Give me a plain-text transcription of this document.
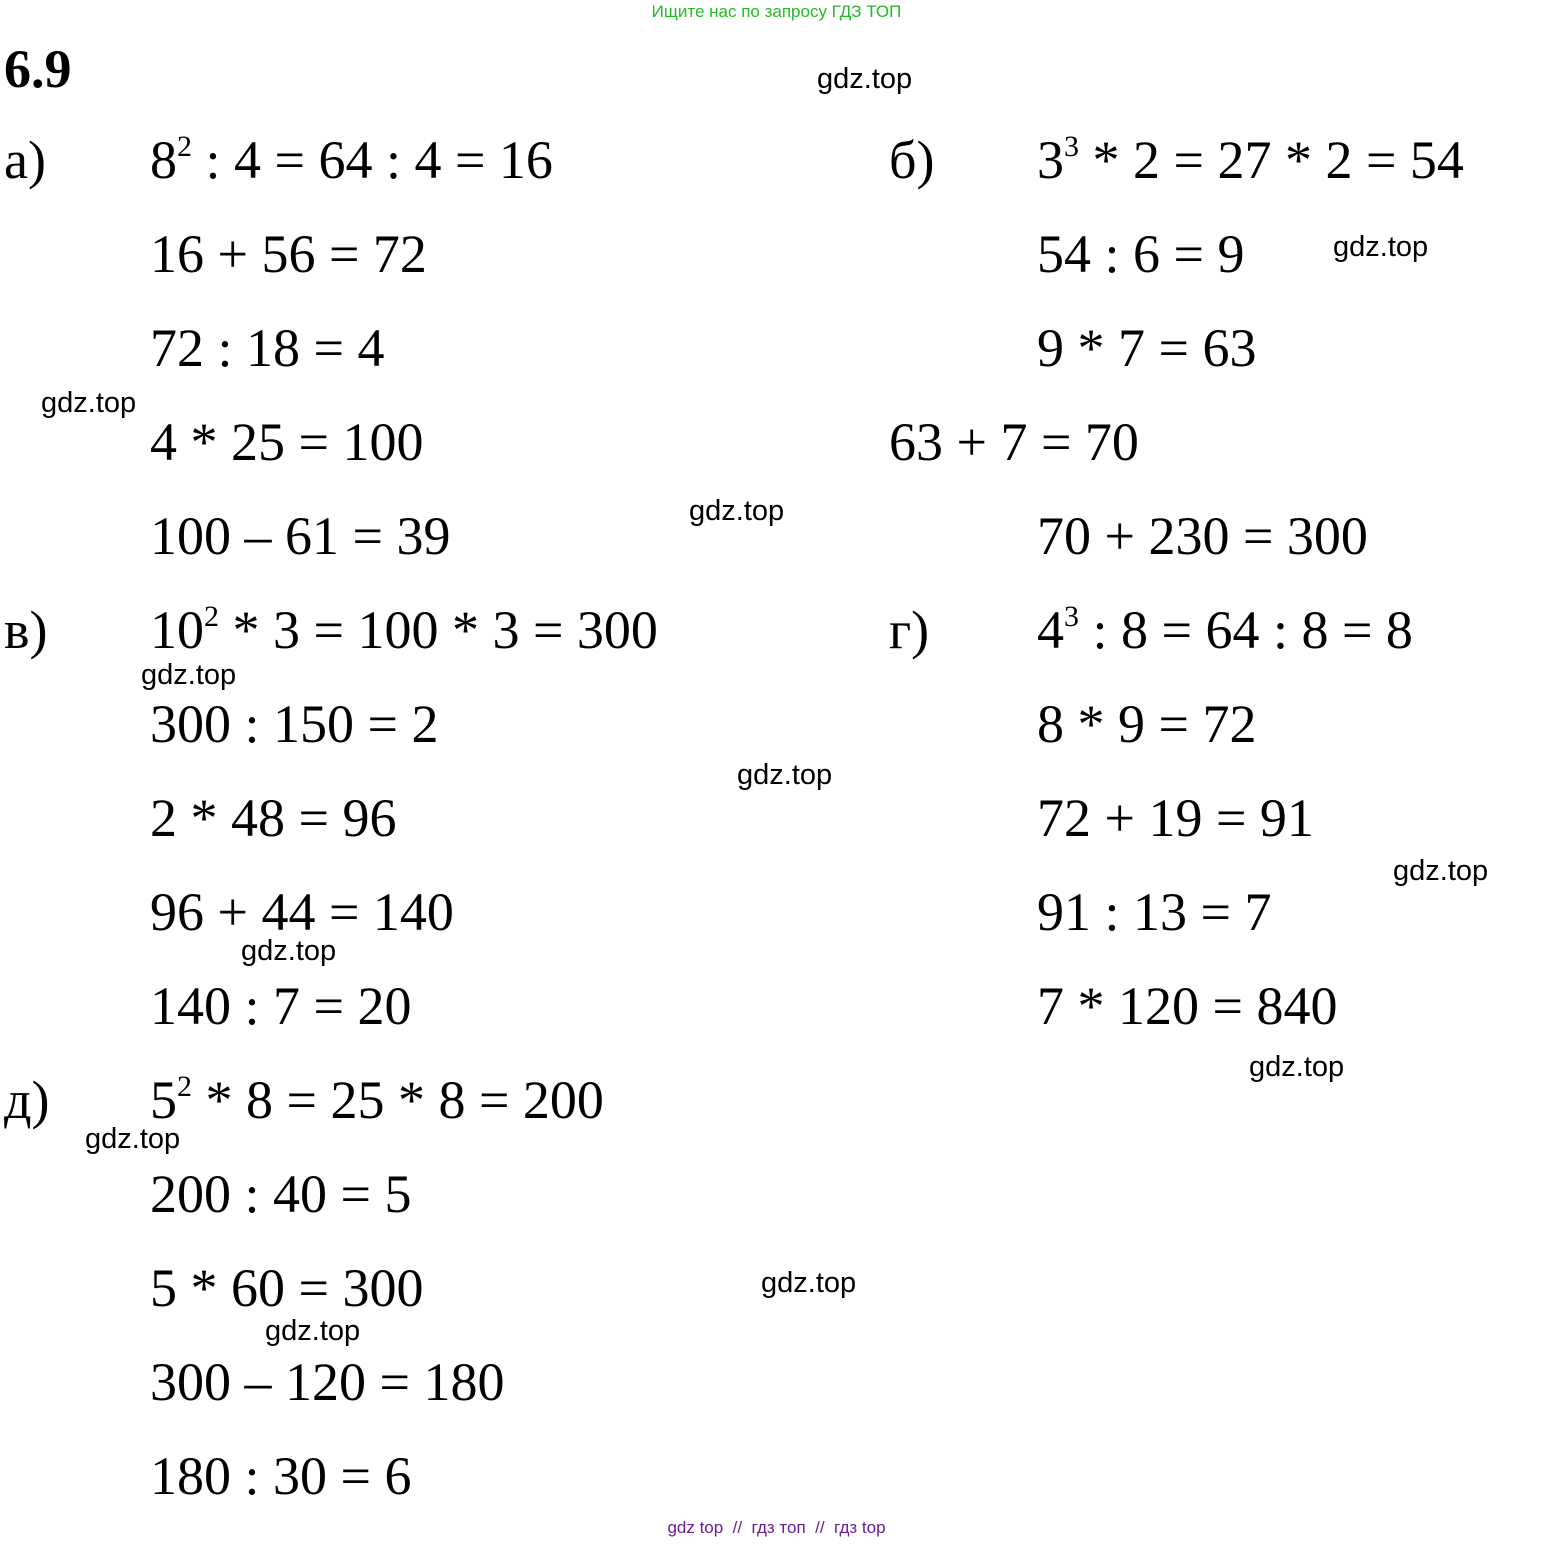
Ищите нас по запросу ГДЗ ТОП
6.9
а) $8^2$ : 4 = 64 : 4 = 16
16 + 56 = 72
72 : 18 = 4
4 * 25 = 100
100 – 61 = 39
б) $3^3 * 2 = 27 * 2 = 54$
54 : 6 = 9
9 * 7 = 63
63 + 7 = 70
70 + 230 = 300
в) $10^2 * 3 = 100 * 3 = 300$
300 : 150 = 2
2 * 48 = 96
96 + 44 = 140
140 : 7 = 20
г) $4^3$ : 8 = 64 : 8 = 8
8 * 9 = 72
72 + 19 = 91
91 : 13 = 7
7 * 120 = 840
д) $5^2 * 8 = 25 * 8 = 200$
200 : 40 = 5
5 * 60 = 300
300 – 120 = 180
180 : 30 = 6
gdz.top
gdz.top
gdz.top
gdz.top
gdz.top
gdz.top
gdz.top
gdz.top
gdz.top
gdz.top
gdz.top
gdz.top
gdz top  //  гдз топ  //  гдз top
